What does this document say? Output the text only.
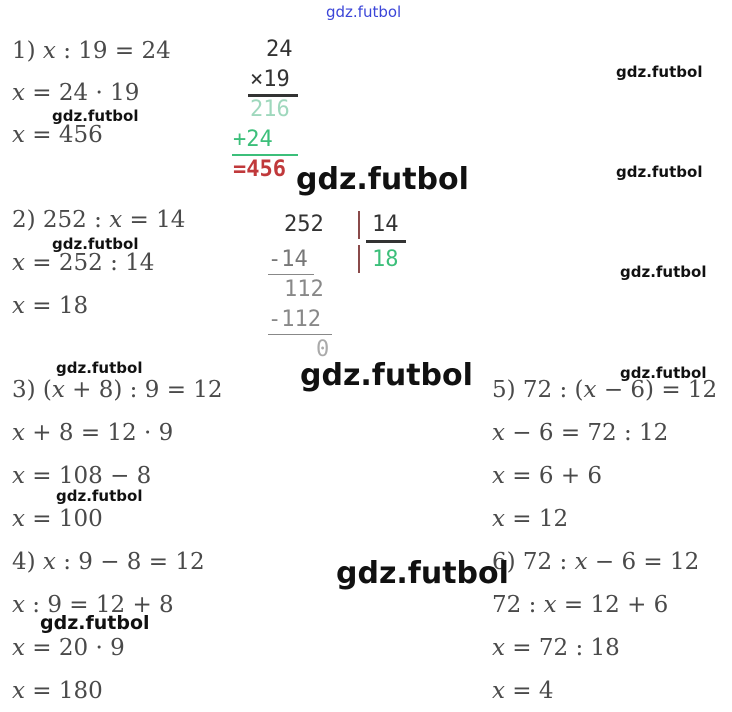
1) x : 19 = 24
x = 24 · 19
x = 456
24
×19
216
+24
=456
2) 252 : x = 14
x = 252 : 14
x = 18
252 14
18
-14
112
-112
0
3) (x + 8) : 9 = 12
x + 8 = 12 · 9
x = 108 − 8
x = 100
4) x : 9 − 8 = 12
x : 9 = 12 + 8
x = 20 · 9
x = 180
5) 72 : (x − 6) = 12
x − 6 = 72 : 12
x = 6 + 6
x = 12
6) 72 : x − 6 = 12
72 : x = 12 + 6
x = 72 : 18
x = 4
gdz.futbol
gdz.futbol
gdz.futbol
gdz.futbol	gdz.futbol
gdz.futbol
gdz.futbol
gdz.futbol	gdz.futbol	gdz.futbol
gdz.futbol
gdz.futbol
gdz.futbol
